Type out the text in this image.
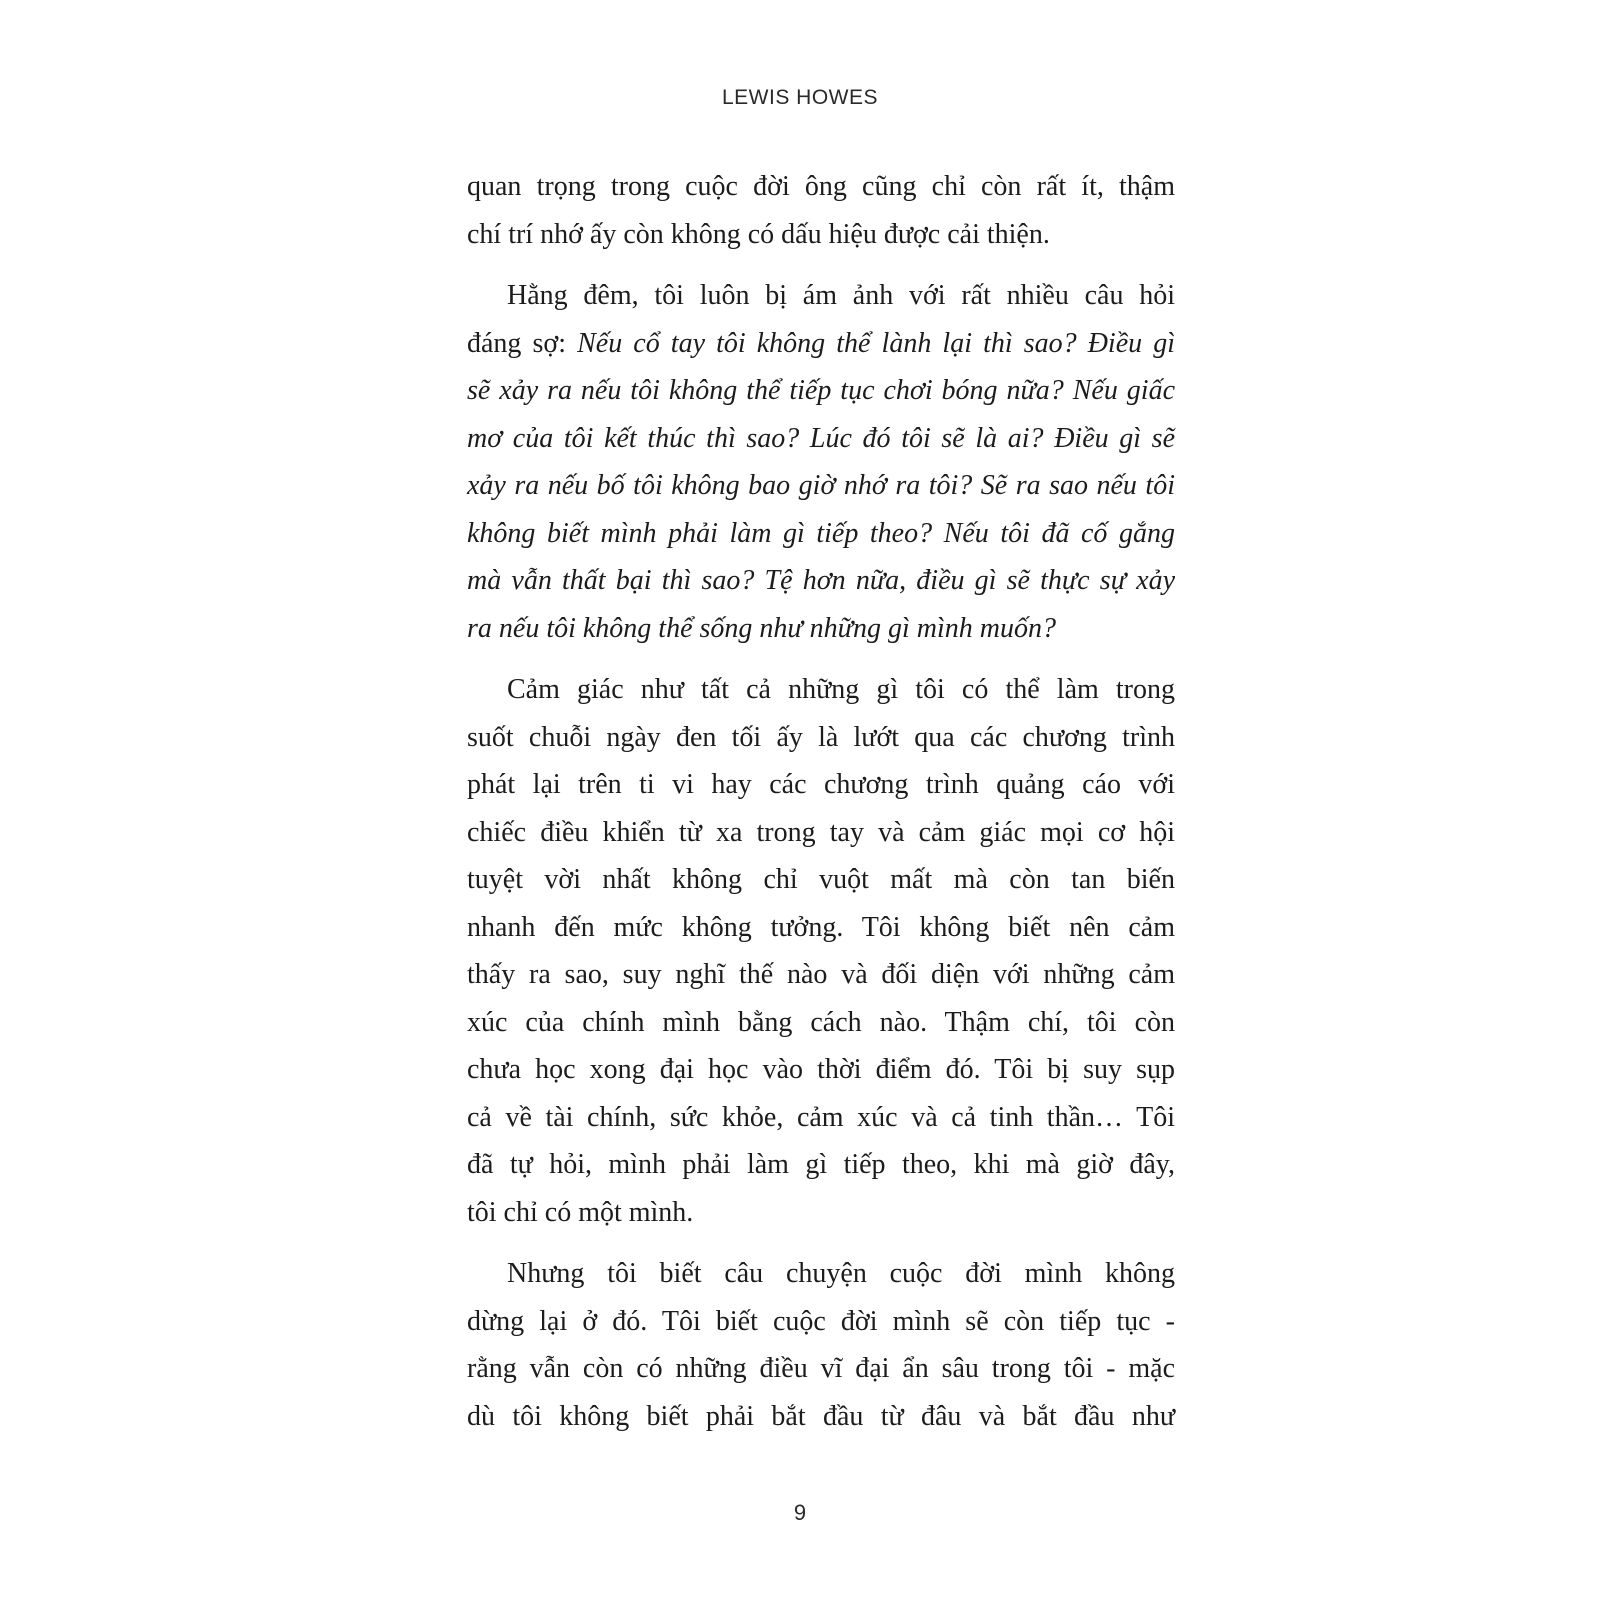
LEWIS HOWES

quan trọng trong cuộc đời ông cũng chỉ còn rất ít, thậm
chí trí nhớ ấy còn không có dấu hiệu được cải thiện.

Hằng đêm, tôi luôn bị ám ảnh với rất nhiều câu hỏi
đáng sợ: Nếu cổ tay tôi không thể lành lại thì sao? Điều gì
sẽ xảy ra nếu tôi không thể tiếp tục chơi bóng nữa? Nếu giấc
mơ của tôi kết thúc thì sao? Lúc đó tôi sẽ là ai? Điều gì sẽ
xảy ra nếu bố tôi không bao giờ nhớ ra tôi? Sẽ ra sao nếu tôi
không biết mình phải làm gì tiếp theo? Nếu tôi đã cố gắng
mà vẫn thất bại thì sao? Tệ hơn nữa, điều gì sẽ thực sự xảy
ra nếu tôi không thể sống như những gì mình muốn?

Cảm giác như tất cả những gì tôi có thể làm trong
suốt chuỗi ngày đen tối ấy là lướt qua các chương trình
phát lại trên ti vi hay các chương trình quảng cáo với
chiếc điều khiển từ xa trong tay và cảm giác mọi cơ hội
tuyệt vời nhất không chỉ vuột mất mà còn tan biến
nhanh đến mức không tưởng. Tôi không biết nên cảm
thấy ra sao, suy nghĩ thế nào và đối diện với những cảm
xúc của chính mình bằng cách nào. Thậm chí, tôi còn
chưa học xong đại học vào thời điểm đó. Tôi bị suy sụp
cả về tài chính, sức khỏe, cảm xúc và cả tinh thần… Tôi
đã tự hỏi, mình phải làm gì tiếp theo, khi mà giờ đây,
tôi chỉ có một mình.

Nhưng tôi biết câu chuyện cuộc đời mình không
dừng lại ở đó. Tôi biết cuộc đời mình sẽ còn tiếp tục -
rằng vẫn còn có những điều vĩ đại ẩn sâu trong tôi - mặc
dù tôi không biết phải bắt đầu từ đâu và bắt đầu như

9
